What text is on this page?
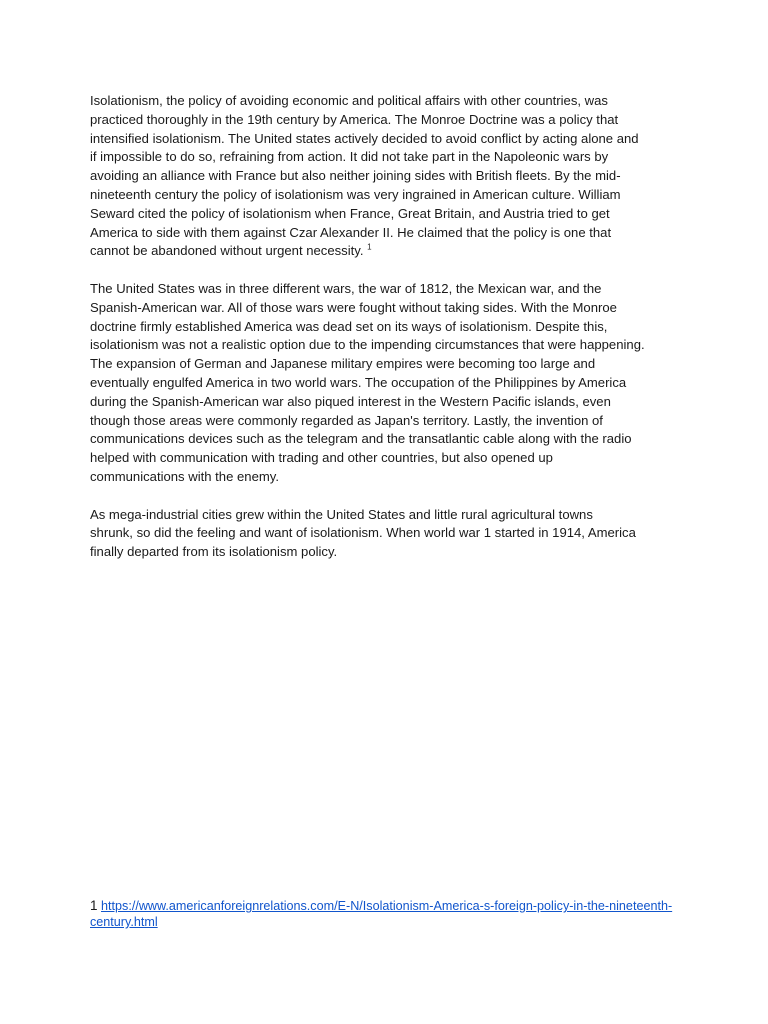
Isolationism, the policy of avoiding economic and political affairs with other countries, was
practiced thoroughly in the 19th century by America. The Monroe Doctrine was a policy that
intensified isolationism. The United states actively decided to avoid conflict by acting alone and
if impossible to do so, refraining from action. It did not take part in the Napoleonic wars by
avoiding an alliance with France but also neither joining sides with British fleets. By the mid-
nineteenth century the policy of isolationism was very ingrained in American culture. William
Seward cited the policy of isolationism when France, Great Britain, and Austria tried to get
America to side with them against Czar Alexander II. He claimed that the policy is one that
cannot be abandoned without urgent necessity. $^1$

The United States was in three different wars, the war of 1812, the Mexican war, and the
Spanish-American war. All of those wars were fought without taking sides. With the Monroe
doctrine firmly established America was dead set on its ways of isolationism. Despite this,
isolationism was not a realistic option due to the impending circumstances that were happening.
The expansion of German and Japanese military empires were becoming too large and
eventually engulfed America in two world wars. The occupation of the Philippines by America
during the Spanish-American war also piqued interest in the Western Pacific islands, even
though those areas were commonly regarded as Japan's territory. Lastly, the invention of
communications devices such as the telegram and the transatlantic cable along with the radio
helped with communication with trading and other countries, but also opened up
communications with the enemy.

As mega-industrial cities grew within the United States and little rural agricultural towns
shrunk, so did the feeling and want of isolationism. When world war 1 started in 1914, America
finally departed from its isolationism policy.

1 https://www.americanforeignrelations.com/E-N/Isolationism-America-s-foreign-policy-in-the-nineteenth-
century.html
